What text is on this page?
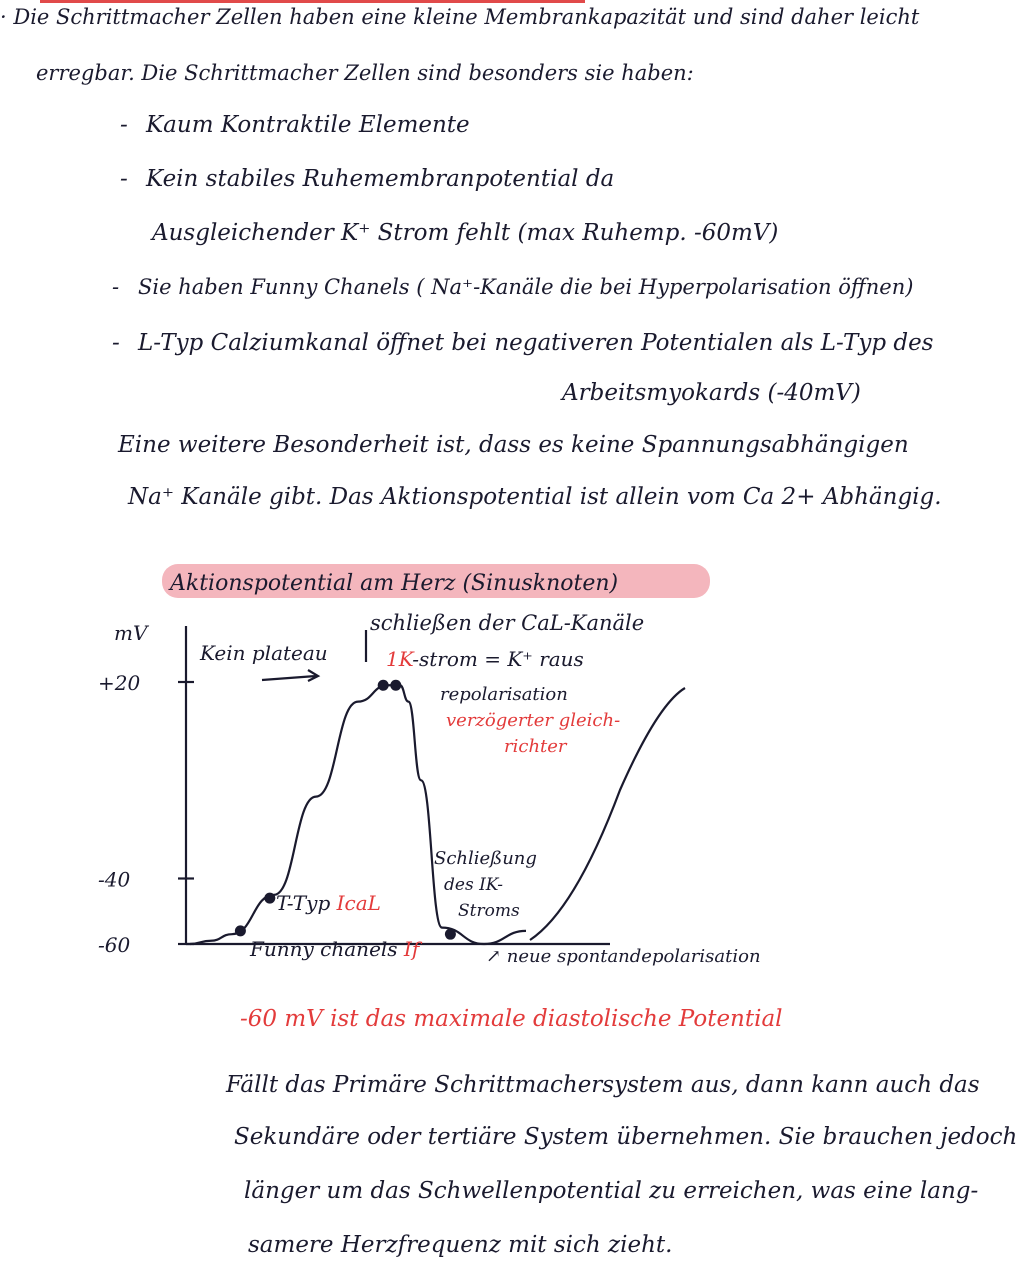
· Die Schrittmacher Zellen haben eine kleine Membrankapazität und sind daher leicht
erregbar. Die Schrittmacher Zellen sind besonders sie haben:
- Kaum Kontraktile Elemente
- Kein stabiles Ruhemembranpotential da
Ausgleichender K⁺ Strom fehlt (max Ruhemp. -60mV)
- Sie haben Funny Chanels ( Na⁺-Kanäle die bei Hyperpolarisation öffnen)
- L-Typ Calziumkanal öffnet bei negativeren Potentialen als L-Typ des
Arbeitsmyokards (-40mV)
Eine weitere Besonderheit ist, dass es keine Spannungsabhängigen
Na⁺ Kanäle gibt. Das Aktionspotential ist allein vom Ca 2+ Abhängig.
Aktionspotential am Herz (Sinusknoten)
mV
+20
-40
-60
Kein plateau
schließen der CaL-Kanäle
1K-strom = K⁺ raus
repolarisation
verzögerter gleich-
richter
Schließung
des IK-
Stroms
T-Typ IcaL
Funny chanels If	↗ neue spontandepolarisation
-60 mV ist das maximale diastolische Potential
Fällt das Primäre Schrittmachersystem aus, dann kann auch das
Sekundäre oder tertiäre System übernehmen. Sie brauchen jedoch
länger um das Schwellenpotential zu erreichen, was eine lang-
samere Herzfrequenz mit sich zieht.
